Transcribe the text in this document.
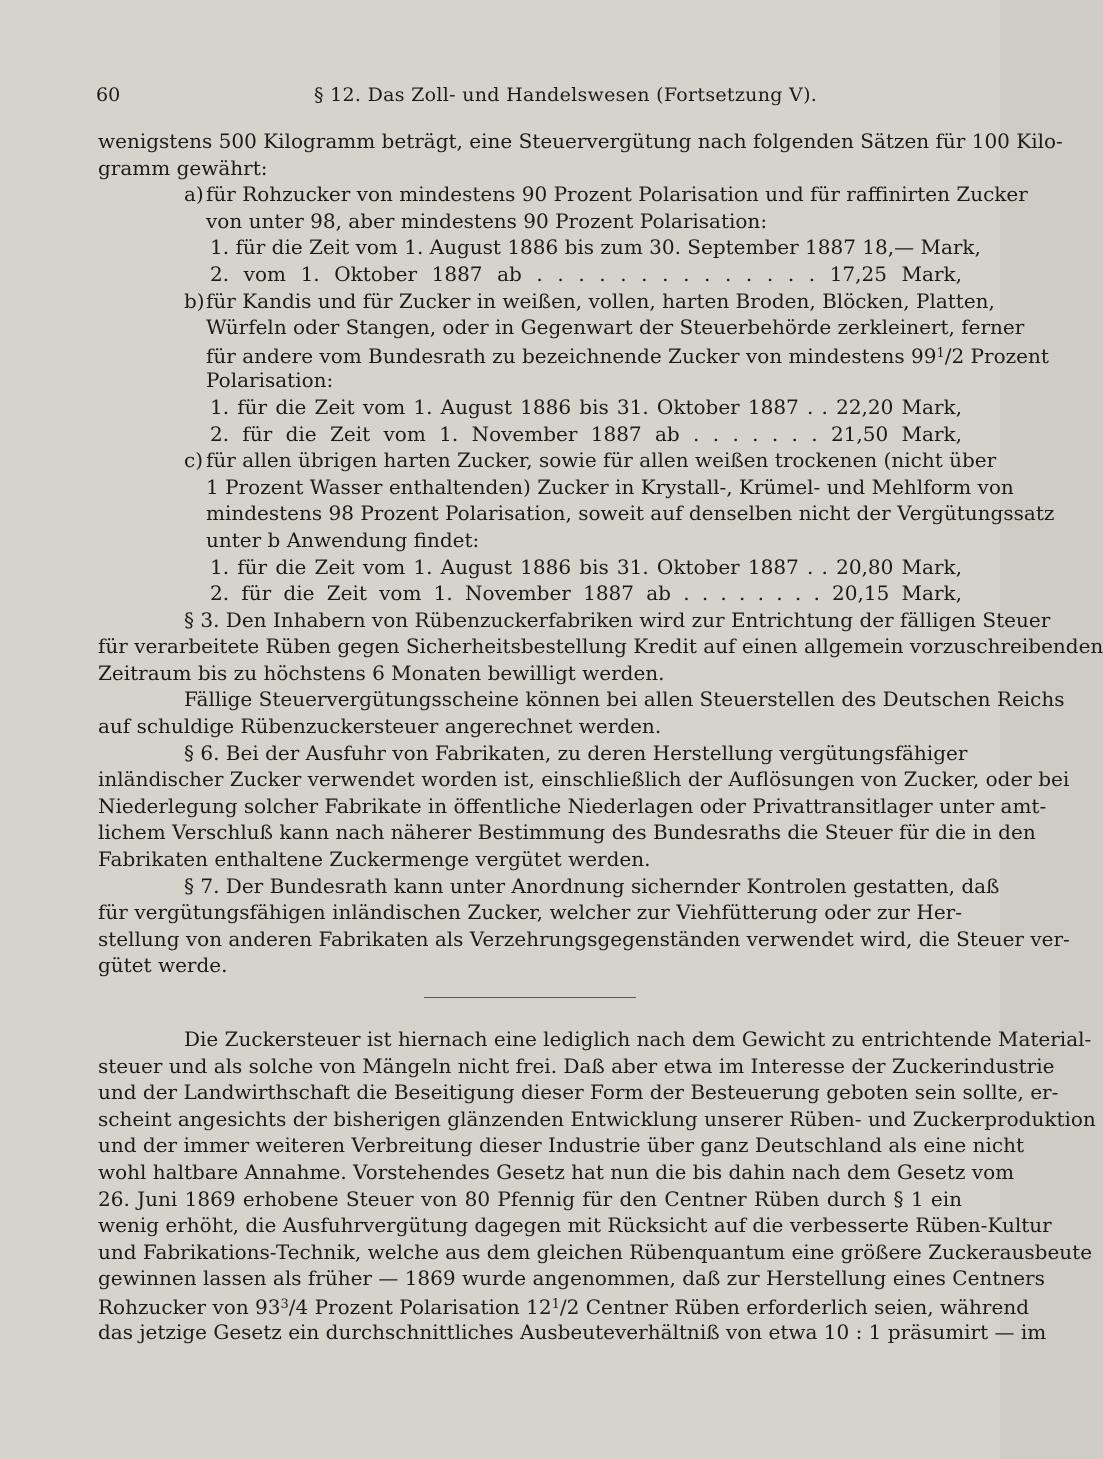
60	§ 12. Das Zoll- und Handelswesen (Fortsetzung V).
wenigstens 500 Kilogramm beträgt, eine Steuervergütung nach folgenden Sätzen für 100 Kilo-
gramm gewährt:
a) für Rohzucker von mindestens 90 Prozent Polarisation und für raffinirten Zucker
von unter 98, aber mindestens 90 Prozent Polarisation:
1. für die Zeit vom 1. August 1886 bis zum 30. September 1887 18,— Mark,
2. vom 1. Oktober 1887 ab . . . . . . . . . . . . . . 17,25 Mark,
b) für Kandis und für Zucker in weißen, vollen, harten Broden, Blöcken, Platten,
Würfeln oder Stangen, oder in Gegenwart der Steuerbehörde zerkleinert, ferner
für andere vom Bundesrath zu bezeichnende Zucker von mindestens $99^1/2$ Prozent
Polarisation:
1. für die Zeit vom 1. August 1886 bis 31. Oktober 1887 . . 22,20 Mark,
2. für die Zeit vom 1. November 1887 ab . . . . . . . 21,50 Mark,
c) für allen übrigen harten Zucker, sowie für allen weißen trockenen (nicht über
1 Prozent Wasser enthaltenden) Zucker in Krystall-, Krümel- und Mehlform von
mindestens 98 Prozent Polarisation, soweit auf denselben nicht der Vergütungssatz
unter b Anwendung findet:
1. für die Zeit vom 1. August 1886 bis 31. Oktober 1887 . . 20,80 Mark,
2. für die Zeit vom 1. November 1887 ab . . . . . . . . 20,15 Mark,
§ 3. Den Inhabern von Rübenzuckerfabriken wird zur Entrichtung der fälligen Steuer
für verarbeitete Rüben gegen Sicherheitsbestellung Kredit auf einen allgemein vorzuschreibenden
Zeitraum bis zu höchstens 6 Monaten bewilligt werden.
Fällige Steuervergütungsscheine können bei allen Steuerstellen des Deutschen Reichs
auf schuldige Rübenzuckersteuer angerechnet werden.
§ 6. Bei der Ausfuhr von Fabrikaten, zu deren Herstellung vergütungsfähiger
inländischer Zucker verwendet worden ist, einschließlich der Auflösungen von Zucker, oder bei
Niederlegung solcher Fabrikate in öffentliche Niederlagen oder Privattransitlager unter amt-
lichem Verschluß kann nach näherer Bestimmung des Bundesraths die Steuer für die in den
Fabrikaten enthaltene Zuckermenge vergütet werden.
§ 7. Der Bundesrath kann unter Anordnung sichernder Kontrolen gestatten, daß
für vergütungsfähigen inländischen Zucker, welcher zur Viehfütterung oder zur Her-
stellung von anderen Fabrikaten als Verzehrungsgegenständen verwendet wird, die Steuer ver-
gütet werde.
Die Zuckersteuer ist hiernach eine lediglich nach dem Gewicht zu entrichtende Material-
steuer und als solche von Mängeln nicht frei. Daß aber etwa im Interesse der Zuckerindustrie
und der Landwirthschaft die Beseitigung dieser Form der Besteuerung geboten sein sollte, er-
scheint angesichts der bisherigen glänzenden Entwicklung unserer Rüben- und Zuckerproduktion
und der immer weiteren Verbreitung dieser Industrie über ganz Deutschland als eine nicht
wohl haltbare Annahme. Vorstehendes Gesetz hat nun die bis dahin nach dem Gesetz vom
26. Juni 1869 erhobene Steuer von 80 Pfennig für den Centner Rüben durch § 1 ein
wenig erhöht, die Ausfuhrvergütung dagegen mit Rücksicht auf die verbesserte Rüben-Kultur
und Fabrikations-Technik, welche aus dem gleichen Rübenquantum eine größere Zuckerausbeute
gewinnen lassen als früher — 1869 wurde angenommen, daß zur Herstellung eines Centners
Rohzucker von $93^3/4$ Prozent Polarisation $12^1/2$ Centner Rüben erforderlich seien, während
das jetzige Gesetz ein durchschnittliches Ausbeuteverhältniß von etwa 10 : 1 präsumirt — im
